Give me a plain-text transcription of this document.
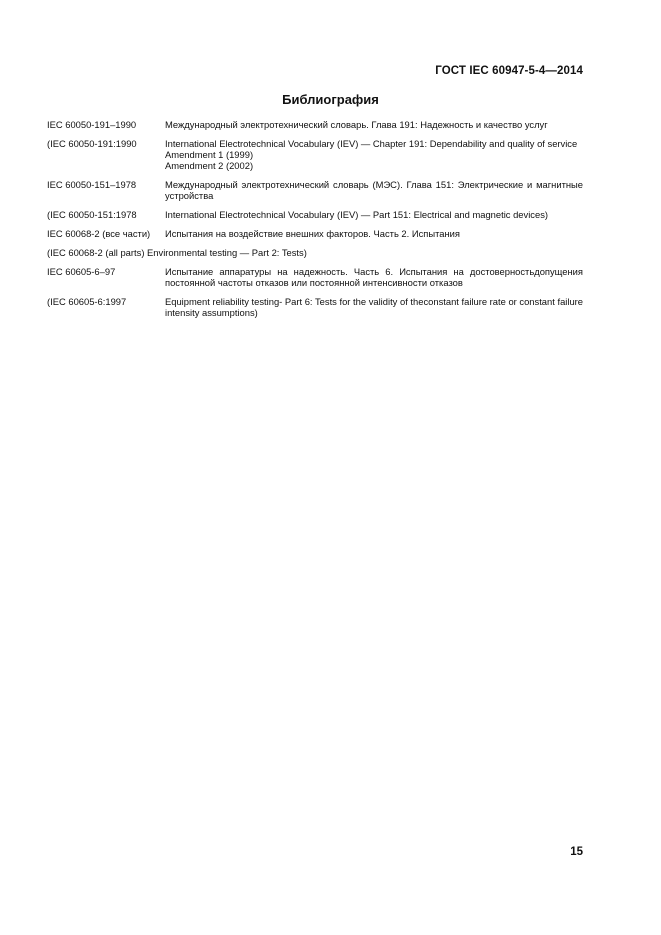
ГОСТ IEC 60947-5-4—2014
Библиография
IEC 60050-191–1990	Международный электротехнический словарь. Глава 191: Надежность и качество услуг
(IEC 60050-191:1990	International Electrotechnical Vocabulary (IEV) — Chapter 191: Dependability and quality of service
Amendment 1 (1999)
Amendment 2 (2002)
IEC 60050-151–1978	Международный электротехнический словарь (МЭС). Глава 151: Электрические и магнитные устройства
(IEC 60050-151:1978	International Electrotechnical Vocabulary (IEV) — Part 151: Electrical and magnetic devices)
IEC 60068-2 (все части)	Испытания на воздействие внешних факторов. Часть 2. Испытания
(IEC 60068-2 (all parts) Environmental testing — Part 2: Tests)
IEC 60605-6–97	Испытание аппаратуры на надежность. Часть 6. Испытания на достоверностьдопущения постоянной частоты отказов или постоянной интенсивности отказов
(IEC 60605-6:1997	Equipment reliability testing- Part 6: Tests for the validity of theconstant failure rate or constant failure intensity assumptions)
15
